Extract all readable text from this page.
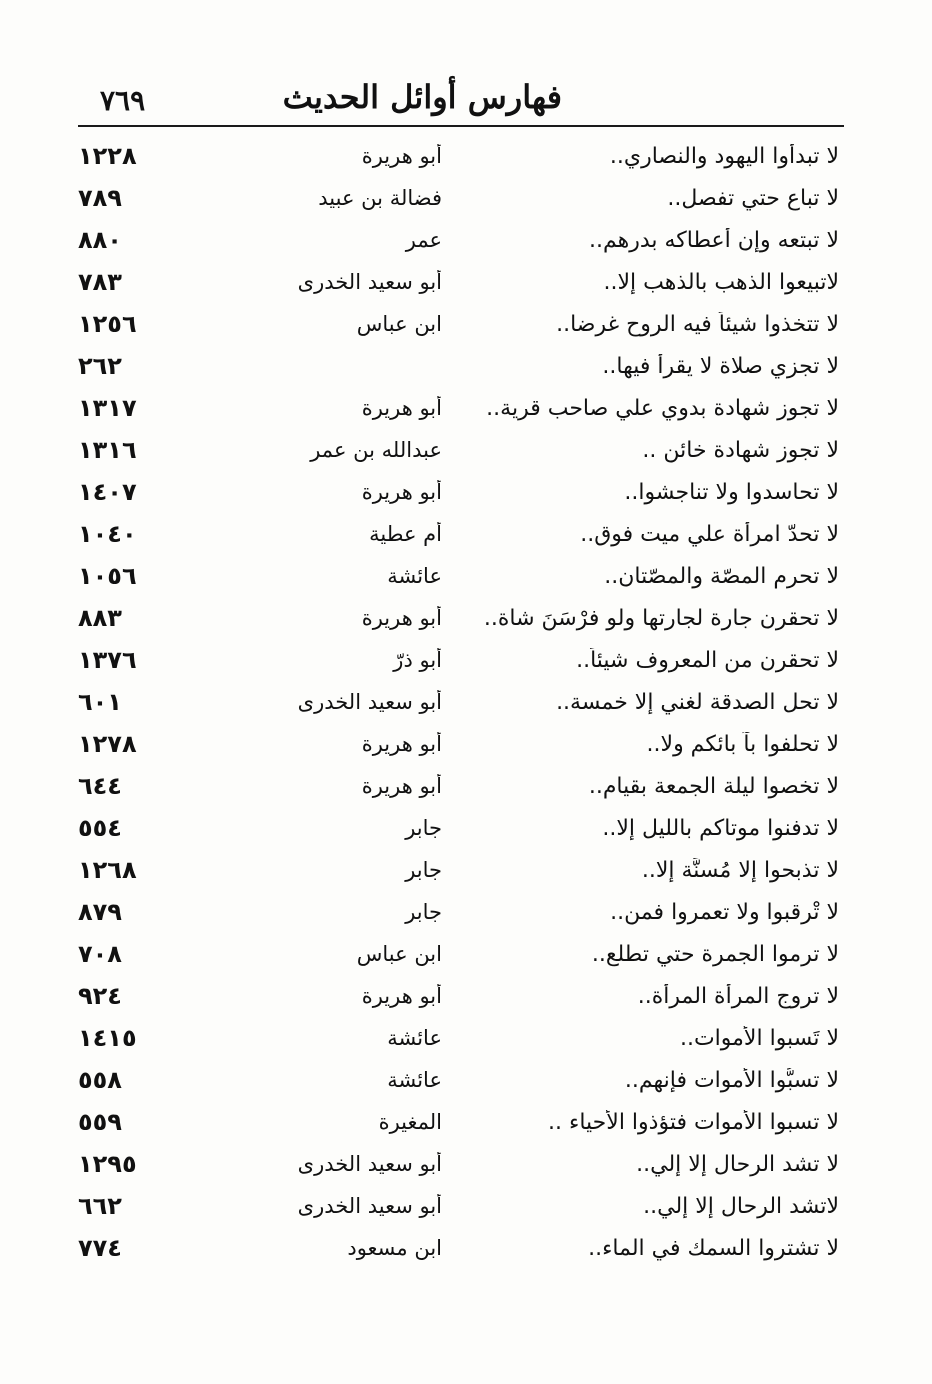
٧٦٩	فهارس أوائل الحديث
لا تبدأوا اليهود والنصاري..
أبو هريرة
١٢٢٨
لا تباع حتي تفصل..
فضالة بن عبيد
٧٨٩
لا تبتعه وإن أعطاكه بدرهم..
عمر
٨٨٠
لاتبيعوا الذهب بالذهب إلا..
أبو سعيد الخدرى
٧٨٣
لا تتخذوا شيئاً فيه الروح غرضا..
ابن عباس
١٢٥٦
لا تجزي صلاة لا يقرأ فيها..
٢٦٢
لا تجوز شهادة بدوي علي صاحب قرية..
أبو هريرة
١٣١٧
لا تجوز شهادة خائن ..
عبدالله بن عمر
١٣١٦
لا تحاسدوا ولا تناجشوا..
أبو هريرة
١٤٠٧
لا تحدّ امرأة علي ميت فوق..
أم عطية
١٠٤٠
لا تحرم المصّة والمصّتان..
عائشة
١٠٥٦
لا تحقرن جارة لجارتها ولو فرْسَنَ شاة..
أبو هريرة
٨٨٣
لا تحقرن من المعروف شيئاً..
أبو ذرّ
١٣٧٦
لا تحل الصدقة لغني إلا خمسة..
أبو سعيد الخدرى
٦٠١
لا تحلفوا بآ بائكم ولا..
أبو هريرة
١٢٧٨
لا تخصوا ليلة الجمعة بقيام..
أبو هريرة
٦٤٤
لا تدفنوا موتاكم بالليل إلا..
جابر
٥٥٤
لا تذبحوا إلا مُسنَّة إلا..
جابر
١٢٦٨
لا تْرقبوا ولا تعمروا فمن..
جابر
٨٧٩
لا ترموا الجمرة حتي تطلع..
ابن عباس
٧٠٨
لا تروج المرأة المرأة..
أبو هريرة
٩٢٤
لا تَسبوا الأموات..
عائشة
١٤١٥
لا تسبُّوا الأموات فإنهم..
عائشة
٥٥٨
لا تسبوا الأموات فتؤذوا الأحياء ..
المغيرة
٥٥٩
لا تشد الرحال إلا إلي..
أبو سعيد الخدرى
١٢٩٥
لاتشد الرحال إلا إلي..
أبو سعيد الخدرى
٦٦٢
لا تشتروا السمك في الماء..
ابن مسعود
٧٧٤
